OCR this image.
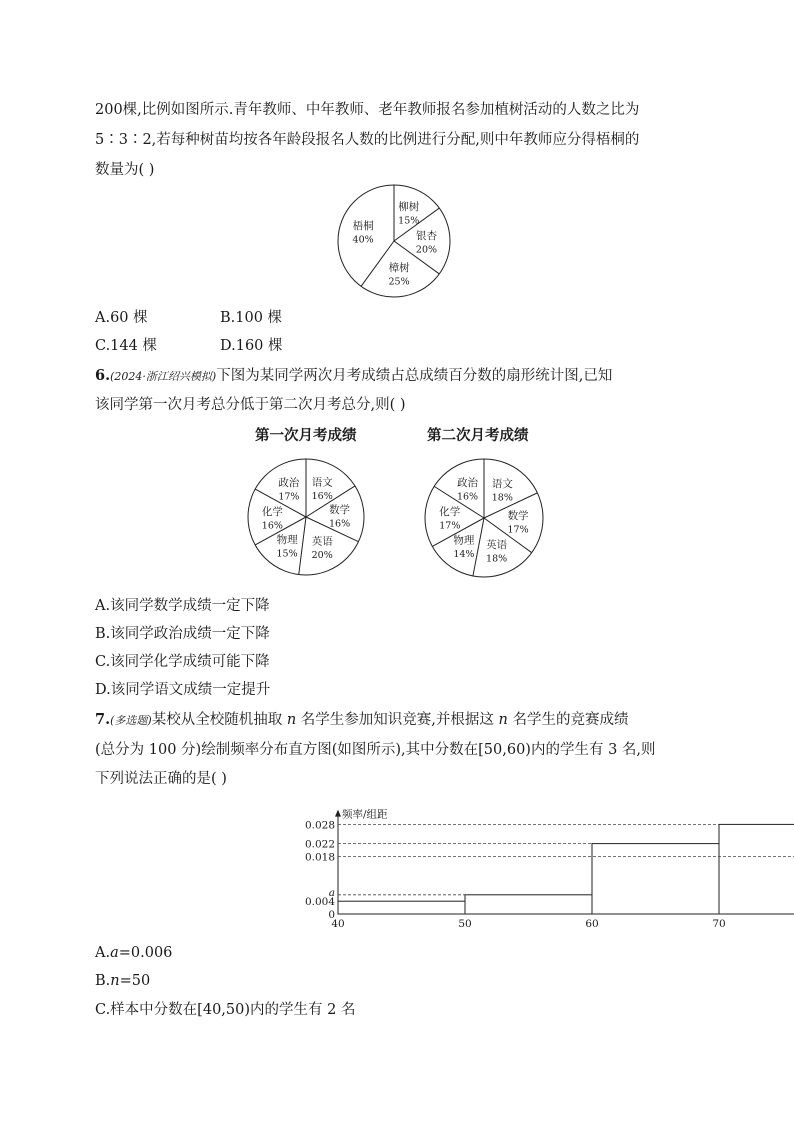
200棵,比例如图所示.青年教师、中年教师、老年教师报名参加植树活动的人数之比为
5∶3∶2,若每种树苗均按各年龄段报名人数的比例进行分配,则中年教师应分得梧桐的
数量为( )
梧桐
40%
柳树
15%
银杏
20%
樟树
25%
A.60 棵	B.100 棵
C.144 棵	D.160 棵
6.(2024·浙江绍兴模拟)下图为某同学两次月考成绩占总成绩百分数的扇形统计图,已知
该同学第一次月考总分低于第二次月考总分,则( )
第一次月考成绩	第二次月考成绩
语文
16%
数学
16%
英语
20%
物理
15%
化学
16%
政治
17%
语文
18%
数学
17%
英语
18%
物理
14%
化学
17%
政治
16%
A.该同学数学成绩一定下降
B.该同学政治成绩一定下降
C.该同学化学成绩可能下降
D.该同学语文成绩一定提升
7.(多选题)某校从全校随机抽取 n 名学生参加知识竞赛,并根据这 n 名学生的竞赛成绩
(总分为 100 分)绘制频率分布直方图(如图所示),其中分数在[50,60)内的学生有 3 名,则
下列说法正确的是( )
频率/组距
0
0.004
a
0.018
0.022
0.028
40	50	60	70
A.a=0.006
B.n=50
C.样本中分数在[40,50)内的学生有 2 名
